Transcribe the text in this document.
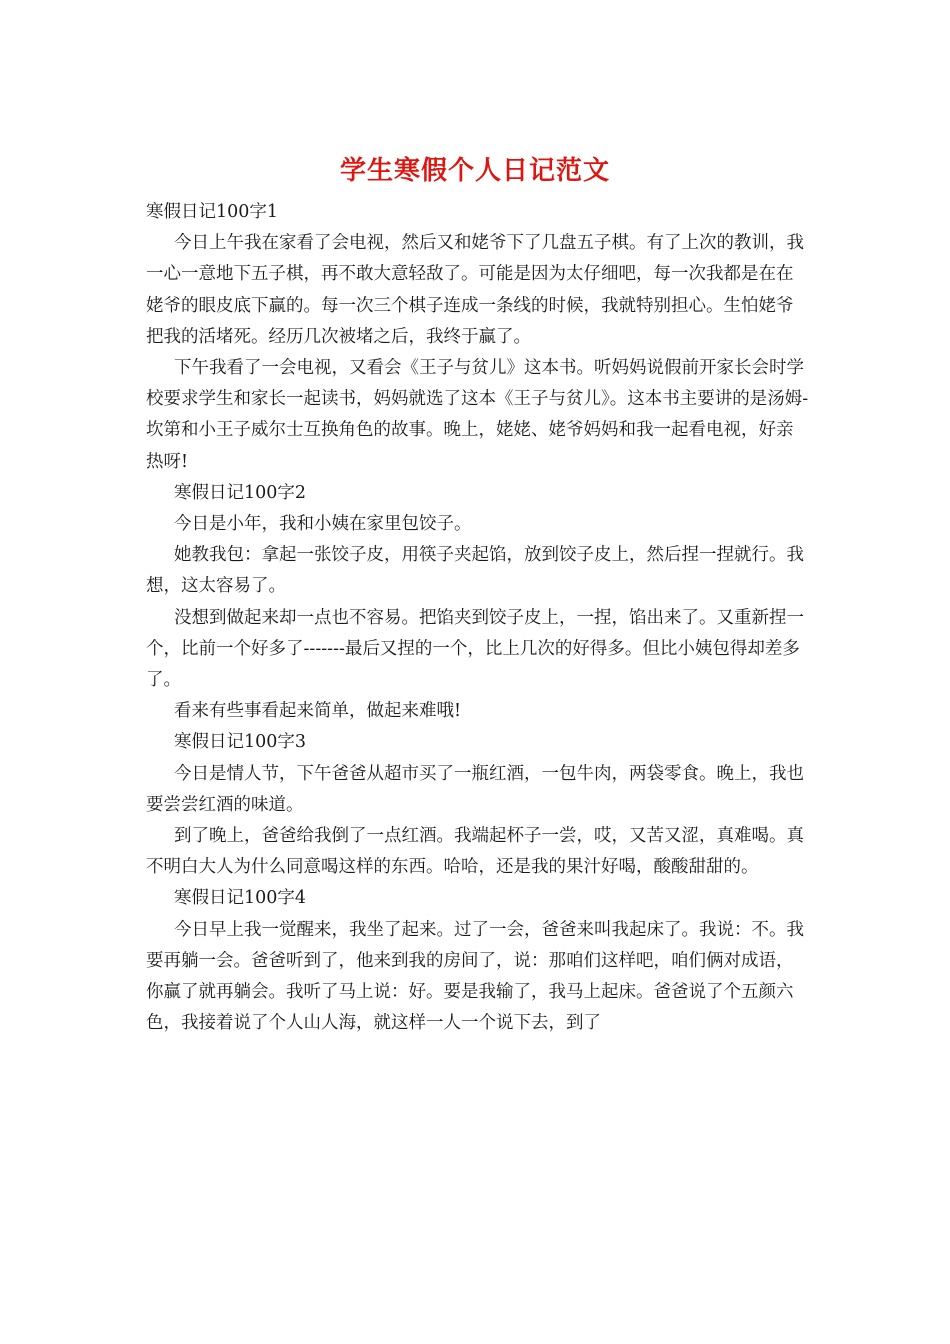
学生寒假个人日记范文

寒假日记100字1

今日上午我在家看了会电视，然后又和姥爷下了几盘五子棋。有了上次的教训，我一心一意地下五子棋，再不敢大意轻敌了。可能是因为太仔细吧，每一次我都是在在姥爷的眼皮底下赢的。每一次三个棋子连成一条线的时候，我就特别担心。生怕姥爷把我的活堵死。经历几次被堵之后，我终于赢了。

下午我看了一会电视，又看会《王子与贫儿》这本书。听妈妈说假前开家长会时学校要求学生和家长一起读书，妈妈就选了这本《王子与贫儿》。这本书主要讲的是汤姆-坎第和小王子威尔士互换角色的故事。晚上，姥姥、姥爷妈妈和我一起看电视，好亲热呀!

寒假日记100字2

今日是小年，我和小姨在家里包饺子。

她教我包：拿起一张饺子皮，用筷子夹起馅，放到饺子皮上，然后捏一捏就行。我想，这太容易了。

没想到做起来却一点也不容易。把馅夹到饺子皮上，一捏，馅出来了。又重新捏一个，比前一个好多了-------最后又捏的一个，比上几次的好得多。但比小姨包得却差多了。

看来有些事看起来简单，做起来难哦!

寒假日记100字3

今日是情人节，下午爸爸从超市买了一瓶红酒，一包牛肉，两袋零食。晚上，我也要尝尝红酒的味道。

到了晚上，爸爸给我倒了一点红酒。我端起杯子一尝，哎，又苦又涩，真难喝。真不明白大人为什么同意喝这样的东西。哈哈，还是我的果汁好喝，酸酸甜甜的。

寒假日记100字4

今日早上我一觉醒来，我坐了起来。过了一会，爸爸来叫我起床了。我说：不。我要再躺一会。爸爸听到了，他来到我的房间了，说：那咱们这样吧，咱们俩对成语，你赢了就再躺会。我听了马上说：好。要是我输了，我马上起床。爸爸说了个五颜六色，我接着说了个人山人海，就这样一人一个说下去，到了
